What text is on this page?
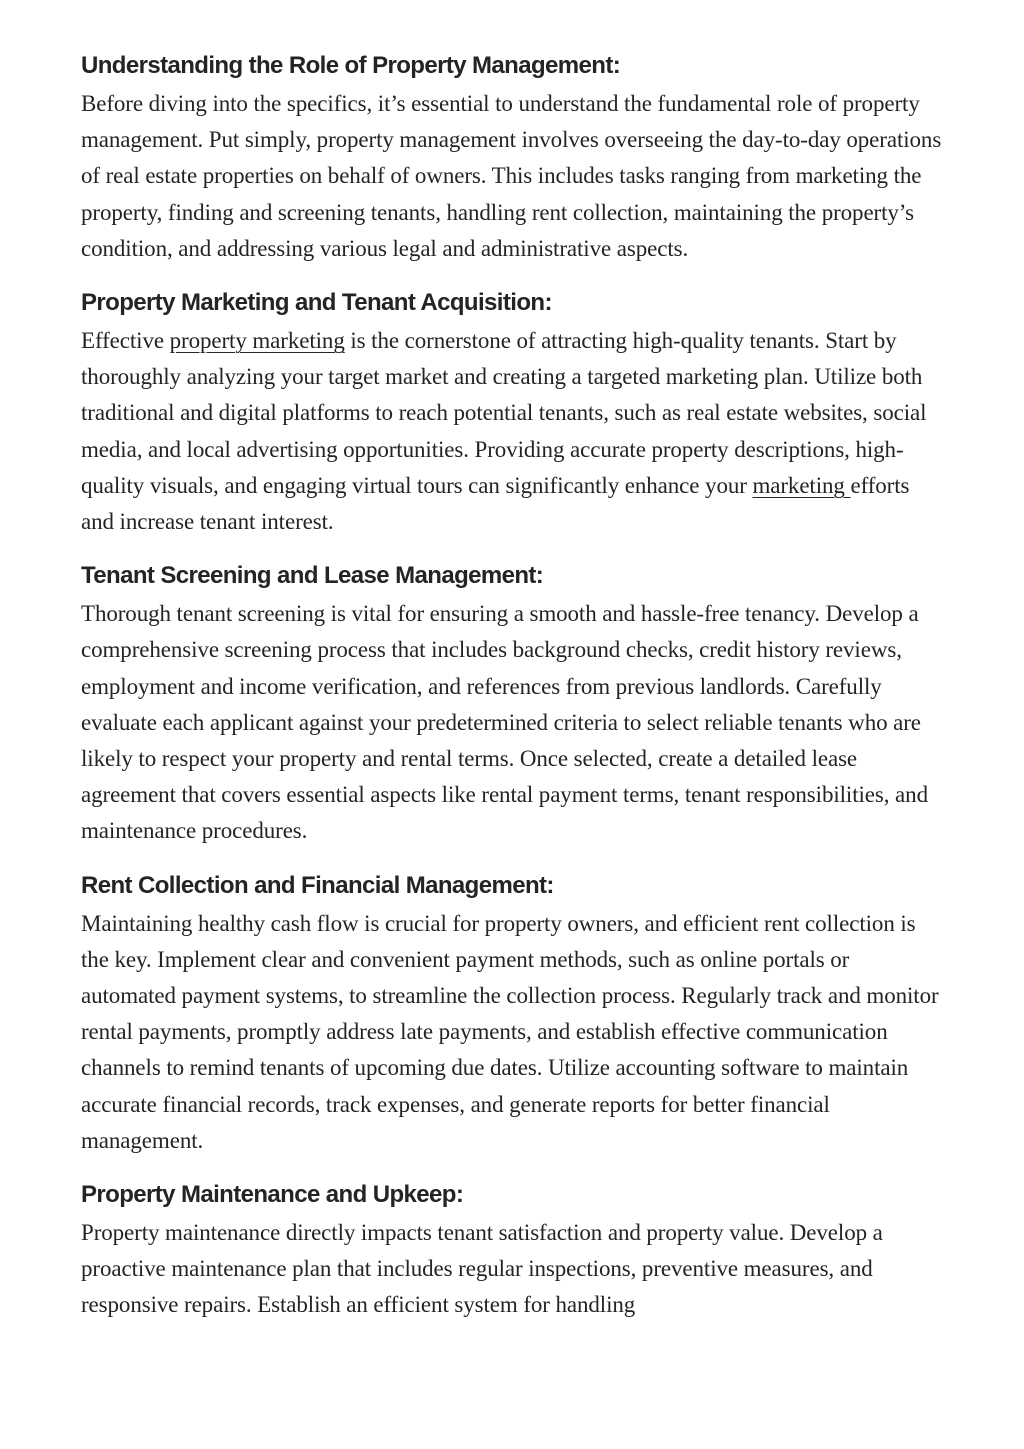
Understanding the Role of Property Management:

Before diving into the specifics, it’s essential to understand the fundamental role of property management. Put simply, property management involves overseeing the day-to-day operations of real estate properties on behalf of owners. This includes tasks ranging from marketing the property, finding and screening tenants, handling rent collection, maintaining the property’s condition, and addressing various legal and administrative aspects.

Property Marketing and Tenant Acquisition:

Effective property marketing is the cornerstone of attracting high-quality tenants. Start by thoroughly analyzing your target market and creating a targeted marketing plan. Utilize both traditional and digital platforms to reach potential tenants, such as real estate websites, social media, and local advertising opportunities. Providing accurate property descriptions, high-quality visuals, and engaging virtual tours can significantly enhance your marketing efforts and increase tenant interest.

Tenant Screening and Lease Management:

Thorough tenant screening is vital for ensuring a smooth and hassle-free tenancy. Develop a comprehensive screening process that includes background checks, credit history reviews, employment and income verification, and references from previous landlords. Carefully evaluate each applicant against your predetermined criteria to select reliable tenants who are likely to respect your property and rental terms. Once selected, create a detailed lease agreement that covers essential aspects like rental payment terms, tenant responsibilities, and maintenance procedures.

Rent Collection and Financial Management:

Maintaining healthy cash flow is crucial for property owners, and efficient rent collection is the key. Implement clear and convenient payment methods, such as online portals or automated payment systems, to streamline the collection process. Regularly track and monitor rental payments, promptly address late payments, and establish effective communication channels to remind tenants of upcoming due dates. Utilize accounting software to maintain accurate financial records, track expenses, and generate reports for better financial management.

Property Maintenance and Upkeep:

Property maintenance directly impacts tenant satisfaction and property value. Develop a proactive maintenance plan that includes regular inspections, preventive measures, and responsive repairs. Establish an efficient system for handling
